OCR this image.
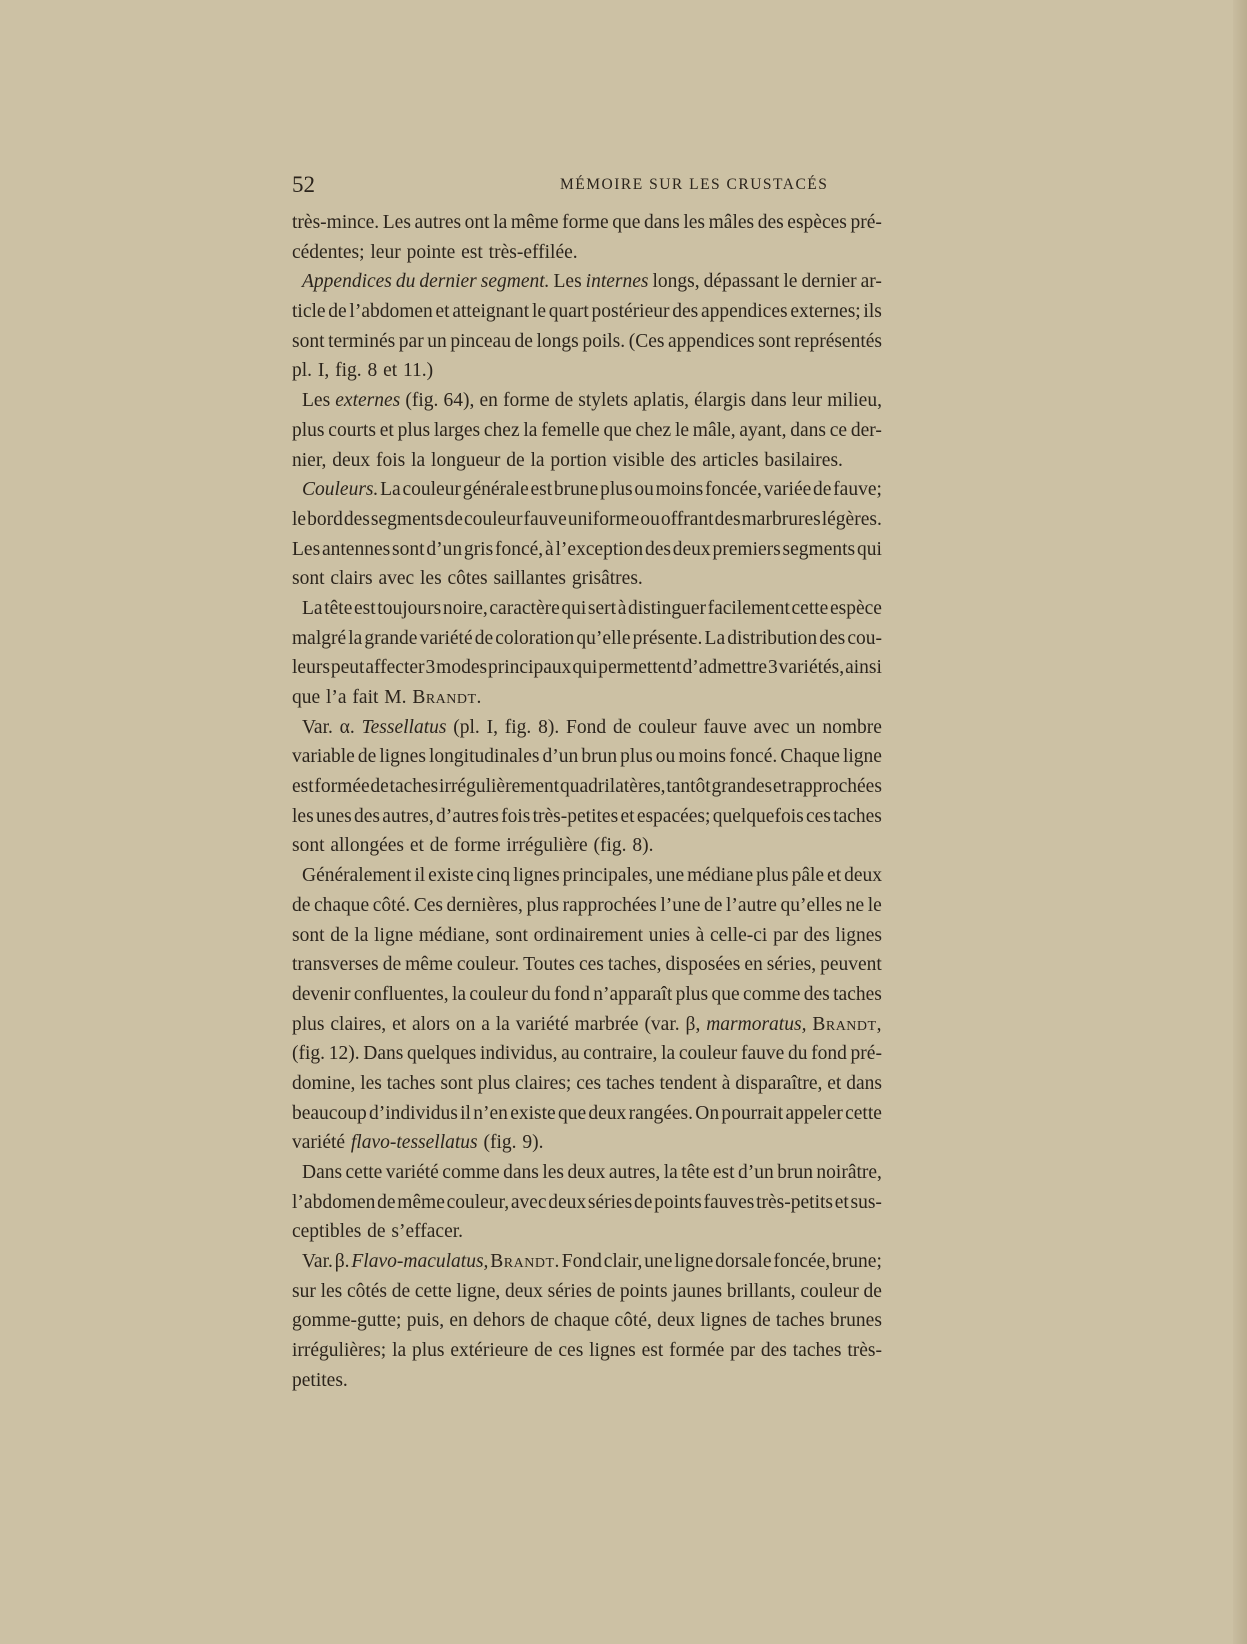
52	MÉMOIRE SUR LES CRUSTACÉS
très-mince. Les autres ont la même forme que dans les mâles des espèces pré-
cédentes; leur pointe est très-effilée.
Appendices du dernier segment. Les internes longs, dépassant le dernier ar-
ticle de l’abdomen et atteignant le quart postérieur des appendices externes; ils
sont terminés par un pinceau de longs poils. (Ces appendices sont représentés
pl. I, fig. 8 et 11.)
Les externes (fig. 64), en forme de stylets aplatis, élargis dans leur milieu,
plus courts et plus larges chez la femelle que chez le mâle, ayant, dans ce der-
nier, deux fois la longueur de la portion visible des articles basilaires.
Couleurs. La couleur générale est brune plus ou moins foncée, variée de fauve;
le bord des segments de couleur fauve uniforme ou offrant des marbrures légères.
Les antennes sont d’un gris foncé, à l’exception des deux premiers segments qui
sont clairs avec les côtes saillantes grisâtres.
La tête est toujours noire, caractère qui sert à distinguer facilement cette espèce
malgré la grande variété de coloration qu’elle présente. La distribution des cou-
leurs peut affecter 3 modes principaux qui permettent d’admettre 3 variétés, ainsi
que l’a fait M. Brandt.
Var. α. Tessellatus (pl. I, fig. 8). Fond de couleur fauve avec un nombre
variable de lignes longitudinales d’un brun plus ou moins foncé. Chaque ligne
est formée de taches irrégulièrement quadrilatères, tantôt grandes et rapprochées
les unes des autres, d’autres fois très-petites et espacées; quelquefois ces taches
sont allongées et de forme irrégulière (fig. 8).
Généralement il existe cinq lignes principales, une médiane plus pâle et deux
de chaque côté. Ces dernières, plus rapprochées l’une de l’autre qu’elles ne le
sont de la ligne médiane, sont ordinairement unies à celle-ci par des lignes
transverses de même couleur. Toutes ces taches, disposées en séries, peuvent
devenir confluentes, la couleur du fond n’apparaît plus que comme des taches
plus claires, et alors on a la variété marbrée (var. β, marmoratus, Brandt,
(fig. 12). Dans quelques individus, au contraire, la couleur fauve du fond pré-
domine, les taches sont plus claires; ces taches tendent à disparaître, et dans
beaucoup d’individus il n’en existe que deux rangées. On pourrait appeler cette
variété flavo-tessellatus (fig. 9).
Dans cette variété comme dans les deux autres, la tête est d’un brun noirâtre,
l’abdomen de même couleur, avec deux séries de points fauves très-petits et sus-
ceptibles de s’effacer.
Var. β. Flavo-maculatus, Brandt. Fond clair, une ligne dorsale foncée, brune;
sur les côtés de cette ligne, deux séries de points jaunes brillants, couleur de
gomme-gutte; puis, en dehors de chaque côté, deux lignes de taches brunes
irrégulières; la plus extérieure de ces lignes est formée par des taches très-
petites.
